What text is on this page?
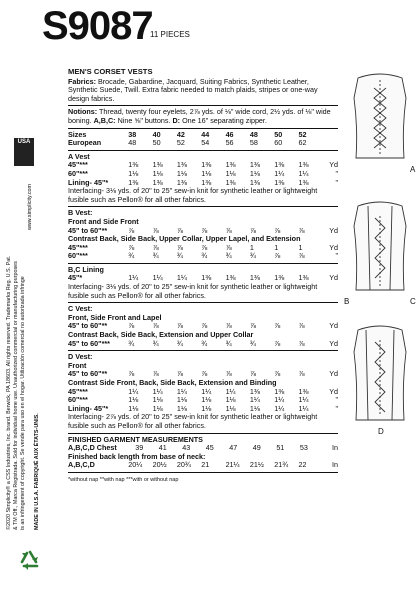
S9087
11 PIECES
USA
©2020 Simplicity® a CSS Industries, Inc. brand. Berwick, PA 18603. All rights reserved. Trademarks Reg. U.S. Pat. & TM Off., Marca Registrada. Sold for individual home use. Unauthorized commercial or manufacturing purposes is an infringement of copyright. Se vende para uso en el hogar. Utilización comercial no autorizada infringe
www.simplicity.com
MADE IN U.S.A. FABRIQUÉ AUX ÉTATS-UNIS.
MEN'S CORSET VESTS
Fabrics: Brocade, Gabardine, Jacquard, Suiting Fabrics, Synthetic Leather, Synthetic Suede, Twill. Extra fabric needed to match plaids, stripes or one-way design fabrics.
Notions: Thread, twenty four eyelets, 2⅞ yds. of ⅛" wide cord, 2½ yds. of ⅛" wide boning. A,B,C: Nine ⅝" buttons. D: One 16" separating zipper.
Sizes	38	40	42	44	46	48	50	52	
European	48	50	52	54	56	58	60	62	
A Vest
45"***	1⅜	1⅜	1⅜	1⅜	1⅜	1⅜	1⅜	1⅜	Yd
60"***	1⅛	1⅛	1⅛	1⅛	1⅛	1⅛	1¼	1¼	"
Lining- 45"*	1⅜	1⅜	1⅜	1⅜	1⅜	1⅜	1⅜	1⅜	"
Interfacing- 3⅛ yds. of 20" to 25" sew-in knit for synthetic leather or lightweight fusible such as Pellon® for all other fabrics.
B Vest:
Front and Side Front
45" to 60"**	⅞	⅞	⅞	⅞	⅞	⅞	⅞	⅞	Yd
Contrast Back, Side Back, Upper Collar, Upper Lapel, and Extension
45"***	⅞	⅞	⅞	⅞	⅞	1	1	1	Yd
60"***	¾	¾	¾	¾	¾	¾	⅞	⅞	"
B,C Lining
45"*	1¼	1¼	1¼	1⅜	1⅜	1⅜	1⅜	1⅜	Yd
Interfacing- 3⅛ yds. of 20" to 25" sew-in knit for synthetic leather or lightweight fusible such as Pellon® for all other fabrics.
C Vest:
Front, Side Front and Lapel
45" to 60"**	⅞	⅞	⅞	⅞	⅞	⅞	⅞	⅞	Yd
Contrast Back, Side Back, Extension and Upper Collar
45" to 60"***	¾	¾	¾	¾	¾	¾	⅞	⅞	Yd
D Vest:
Front
45" to 60"**	⅞	⅞	⅞	⅞	⅞	⅞	⅞	⅞	Yd
Contrast Side Front, Back, Side Back, Extension and Binding
45"***	1¼	1¼	1¼	1¼	1¼	1⅜	1⅜	1⅜	Yd
60"***	1⅛	1⅛	1⅛	1⅛	1⅛	1¼	1¼	1¼	"
Lining- 45"*	1⅛	1⅛	1⅛	1⅛	1⅛	1⅛	1¼	1¼	"
Interfacing- 2⅞ yds. of 20" to 25" sew-in knit for synthetic leather or lightweight fusible such as Pellon® for all other fabrics.
FINISHED GARMENT MEASUREMENTS
A,B,C,D Chest	39	41	43	45	47	49	51	53	In
Finished back length from base of neck:
A,B,C,D	20¼	20½	20¾	21	21¼	21½	21¾	22	In
*without nap **with nap ***with or without nap
A
B	C
D
